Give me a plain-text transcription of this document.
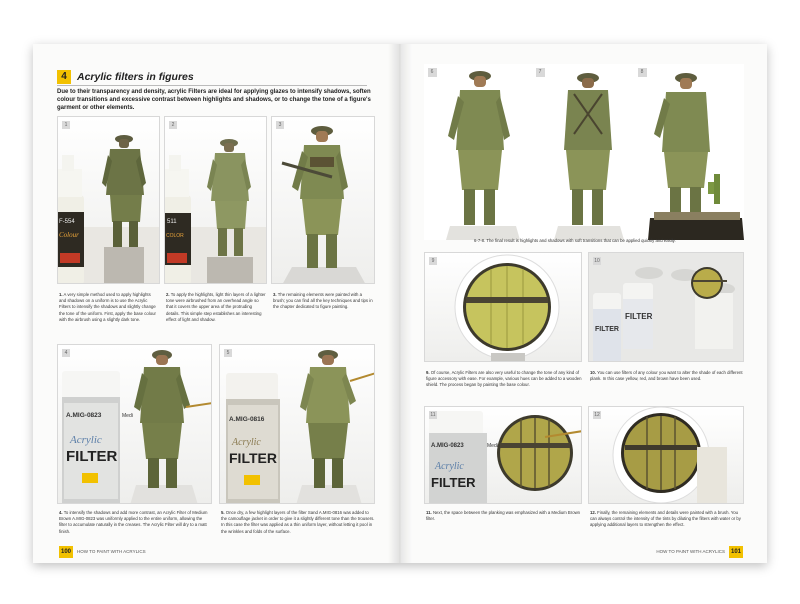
4 Acrylic filters in figures

Due to their transparency and density, acrylic Filters are ideal for applying glazes to intensify shadows, soften colour transitions and excessive contrast between highlights and shadows, or to change the tone of a figure's garment or other elements.

F-554
Colour
1
511
COLOR
2	3

1. A very simple method used to apply highlights and shadows on a uniform is to use the Acrylic Filters to intensify the shadows and slightly change the tone of the uniform. First, apply the base colour with the airbrush using a slightly dark tone.

2. To apply the highlights, light thin layers of a lighter tone were airbrushed from an overhead angle so that it covers the upper area of the protruding details. This simple step establishes an interesting effect of light and shadow.

3. The remaining elements were painted with a brush; you can find all the key techniques and tips in the chapter dedicated to figure painting.

A.MIG-0823	Medi
Acrylic
FILTER
4
A.MIG-0816
Acrylic
FILTER
5

4. To intensify the shadows and add more contrast, an Acrylic Filter of Medium Brown A.MIG-0823 was uniformly applied to the entire uniform, allowing the filter to accumulate naturally in the creases. The Acrylic Filter will dry to a matt finish.

5. Once dry, a few highlight layers of the filter Sand A.MIG-0816 was added to the camouflage jacket in order to give it a slightly different tone than the trousers. In this case the filter was applied as a thin uniform layer, without letting it pool in the wrinkles and folds of the surface.

100	HOW TO PAINT WITH ACRYLICS
6	7	8

6-7-8. The final result is highlights and shadows with soft transitions that can be applied quickly and easily.

9
FILTER
FILTER
10

9. Of course, Acrylic Filters are also very useful to change the tone of any kind of figure accessory with ease. For example, various hues can be added to a wooden shield. The process began by painting the base colour.

10. You can use filters of any colour you want to alter the shade of each different plank. In this case yellow, red, and brown have been used.

A.MIG-0823	Medi
Acrylic
FILTER
11	12

11. Next, the space between the planking was emphasized with a Medium Brown filter.

12. Finally, the remaining elements and details were painted with a brush. You can always control the intensity of the tints by diluting the filters with water or by applying additional layers to strengthen the effect.

HOW TO PAINT WITH ACRYLICS 101
